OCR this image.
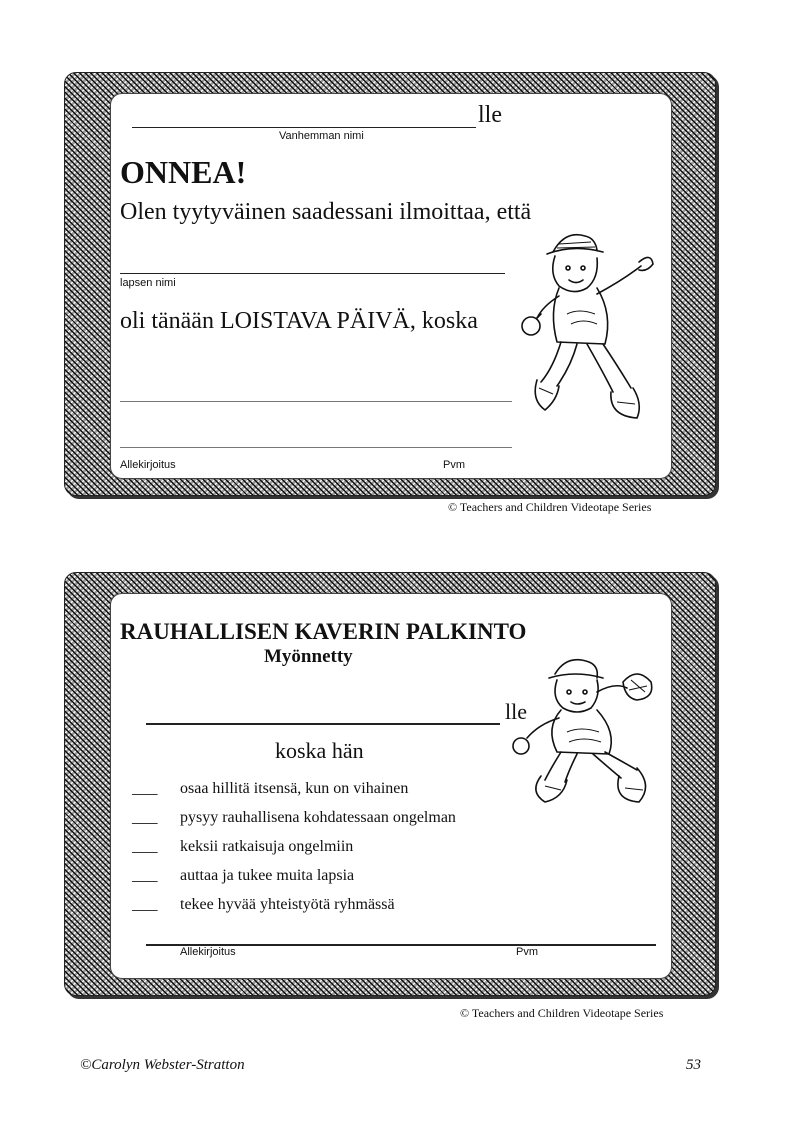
lle
Vanhemman nimi
ONNEA!
Olen tyytyväinen saadessani ilmoittaa, että
lapsen nimi
oli tänään LOISTAVA PÄIVÄ, koska
Allekirjoitus	Pvm
© Teachers and Children Videotape Series
RAUHALLISEN KAVERIN PALKINTO
Myönnetty
lle
koska hän
___ osaa hillitä itsensä, kun on vihainen
___ pysyy rauhallisena kohdatessaan ongelman
___ keksii ratkaisuja ongelmiin
___ auttaa ja tukee muita lapsia
___ tekee hyvää yhteistyötä ryhmässä
Allekirjoitus	Pvm
© Teachers and Children Videotape Series
©Carolyn Webster-Stratton	53
